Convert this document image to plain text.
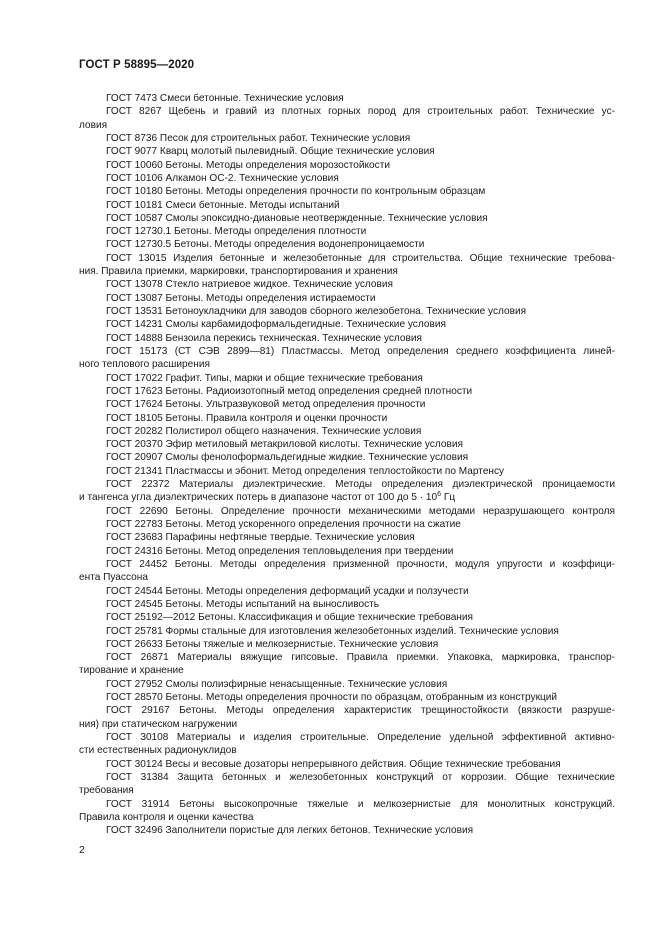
ГОСТ Р 58895—2020
ГОСТ 7473 Смеси бетонные. Технические условия
ГОСТ 8267 Щебень и гравий из плотных горных пород для строительных работ. Технические ус-
ловия
ГОСТ 8736 Песок для строительных работ. Технические условия
ГОСТ 9077 Кварц молотый пылевидный. Общие технические условия
ГОСТ 10060 Бетоны. Методы определения морозостойкости
ГОСТ 10106 Алкамон ОС-2. Технические условия
ГОСТ 10180 Бетоны. Методы определения прочности по контрольным образцам
ГОСТ 10181 Смеси бетонные. Методы испытаний
ГОСТ 10587 Смолы эпоксидно-диановые неотвержденные. Технические условия
ГОСТ 12730.1 Бетоны. Методы определения плотности
ГОСТ 12730.5 Бетоны. Методы определения водонепроницаемости
ГОСТ 13015 Изделия бетонные и железобетонные для строительства. Общие технические требова-
ния. Правила приемки, маркировки, транспортирования и хранения
ГОСТ 13078 Стекло натриевое жидкое. Технические условия
ГОСТ 13087 Бетоны. Методы определения истираемости
ГОСТ 13531 Бетоноукладчики для заводов сборного железобетона. Технические условия
ГОСТ 14231 Смолы карбамидоформальдегидные. Технические условия
ГОСТ 14888 Бензоила перекись техническая. Технические условия
ГОСТ 15173 (СТ СЭВ 2899—81) Пластмассы. Метод определения среднего коэффициента линей-
ного теплового расширения
ГОСТ 17022 Графит. Типы, марки и общие технические требования
ГОСТ 17623 Бетоны. Радиоизотопный метод определения средней плотности
ГОСТ 17624 Бетоны. Ультразвуковой метод определения прочности
ГОСТ 18105 Бетоны. Правила контроля и оценки прочности
ГОСТ 20282 Полистирол общего назначения. Технические условия
ГОСТ 20370 Эфир метиловый метакриловой кислоты. Технические условия
ГОСТ 20907 Смолы фенолоформальдегидные жидкие. Технические условия
ГОСТ 21341 Пластмассы и эбонит. Метод определения теплостойкости по Мартенсу
ГОСТ 22372 Материалы диэлектрические. Методы определения диэлектрической проницаемости
и тангенса угла диэлектрических потерь в диапазоне частот от 100 до $5 \cdot 10^6$ Гц
ГОСТ 22690 Бетоны. Определение прочности механическими методами неразрушающего контроля
ГОСТ 22783 Бетоны. Метод ускоренного определения прочности на сжатие
ГОСТ 23683 Парафины нефтяные твердые. Технические условия
ГОСТ 24316 Бетоны. Метод определения тепловыделения при твердении
ГОСТ 24452 Бетоны. Методы определения призменной прочности, модуля упругости и коэффици-
ента Пуассона
ГОСТ 24544 Бетоны. Методы определения деформаций усадки и ползучести
ГОСТ 24545 Бетоны. Методы испытаний на выносливость
ГОСТ 25192—2012 Бетоны. Классификация и общие технические требования
ГОСТ 25781 Формы стальные для изготовления железобетонных изделий. Технические условия
ГОСТ 26633 Бетоны тяжелые и мелкозернистые. Технические условия
ГОСТ 26871 Материалы вяжущие гипсовые. Правила приемки. Упаковка, маркировка, транспор-
тирование и хранение
ГОСТ 27952 Смолы полиэфирные ненасыщенные. Технические условия
ГОСТ 28570 Бетоны. Методы определения прочности по образцам, отобранным из конструкций
ГОСТ 29167 Бетоны. Методы определения характеристик трещиностойкости (вязкости разруше-
ния) при статическом нагружении
ГОСТ 30108 Материалы и изделия строительные. Определение удельной эффективной активно-
сти естественных радионуклидов
ГОСТ 30124 Весы и весовые дозаторы непрерывного действия. Общие технические требования
ГОСТ 31384 Защита бетонных и железобетонных конструкций от коррозии. Общие технические
требования
ГОСТ 31914 Бетоны высокопрочные тяжелые и мелкозернистые для монолитных конструкций.
Правила контроля и оценки качества
ГОСТ 32496 Заполнители пористые для легких бетонов. Технические условия
2
